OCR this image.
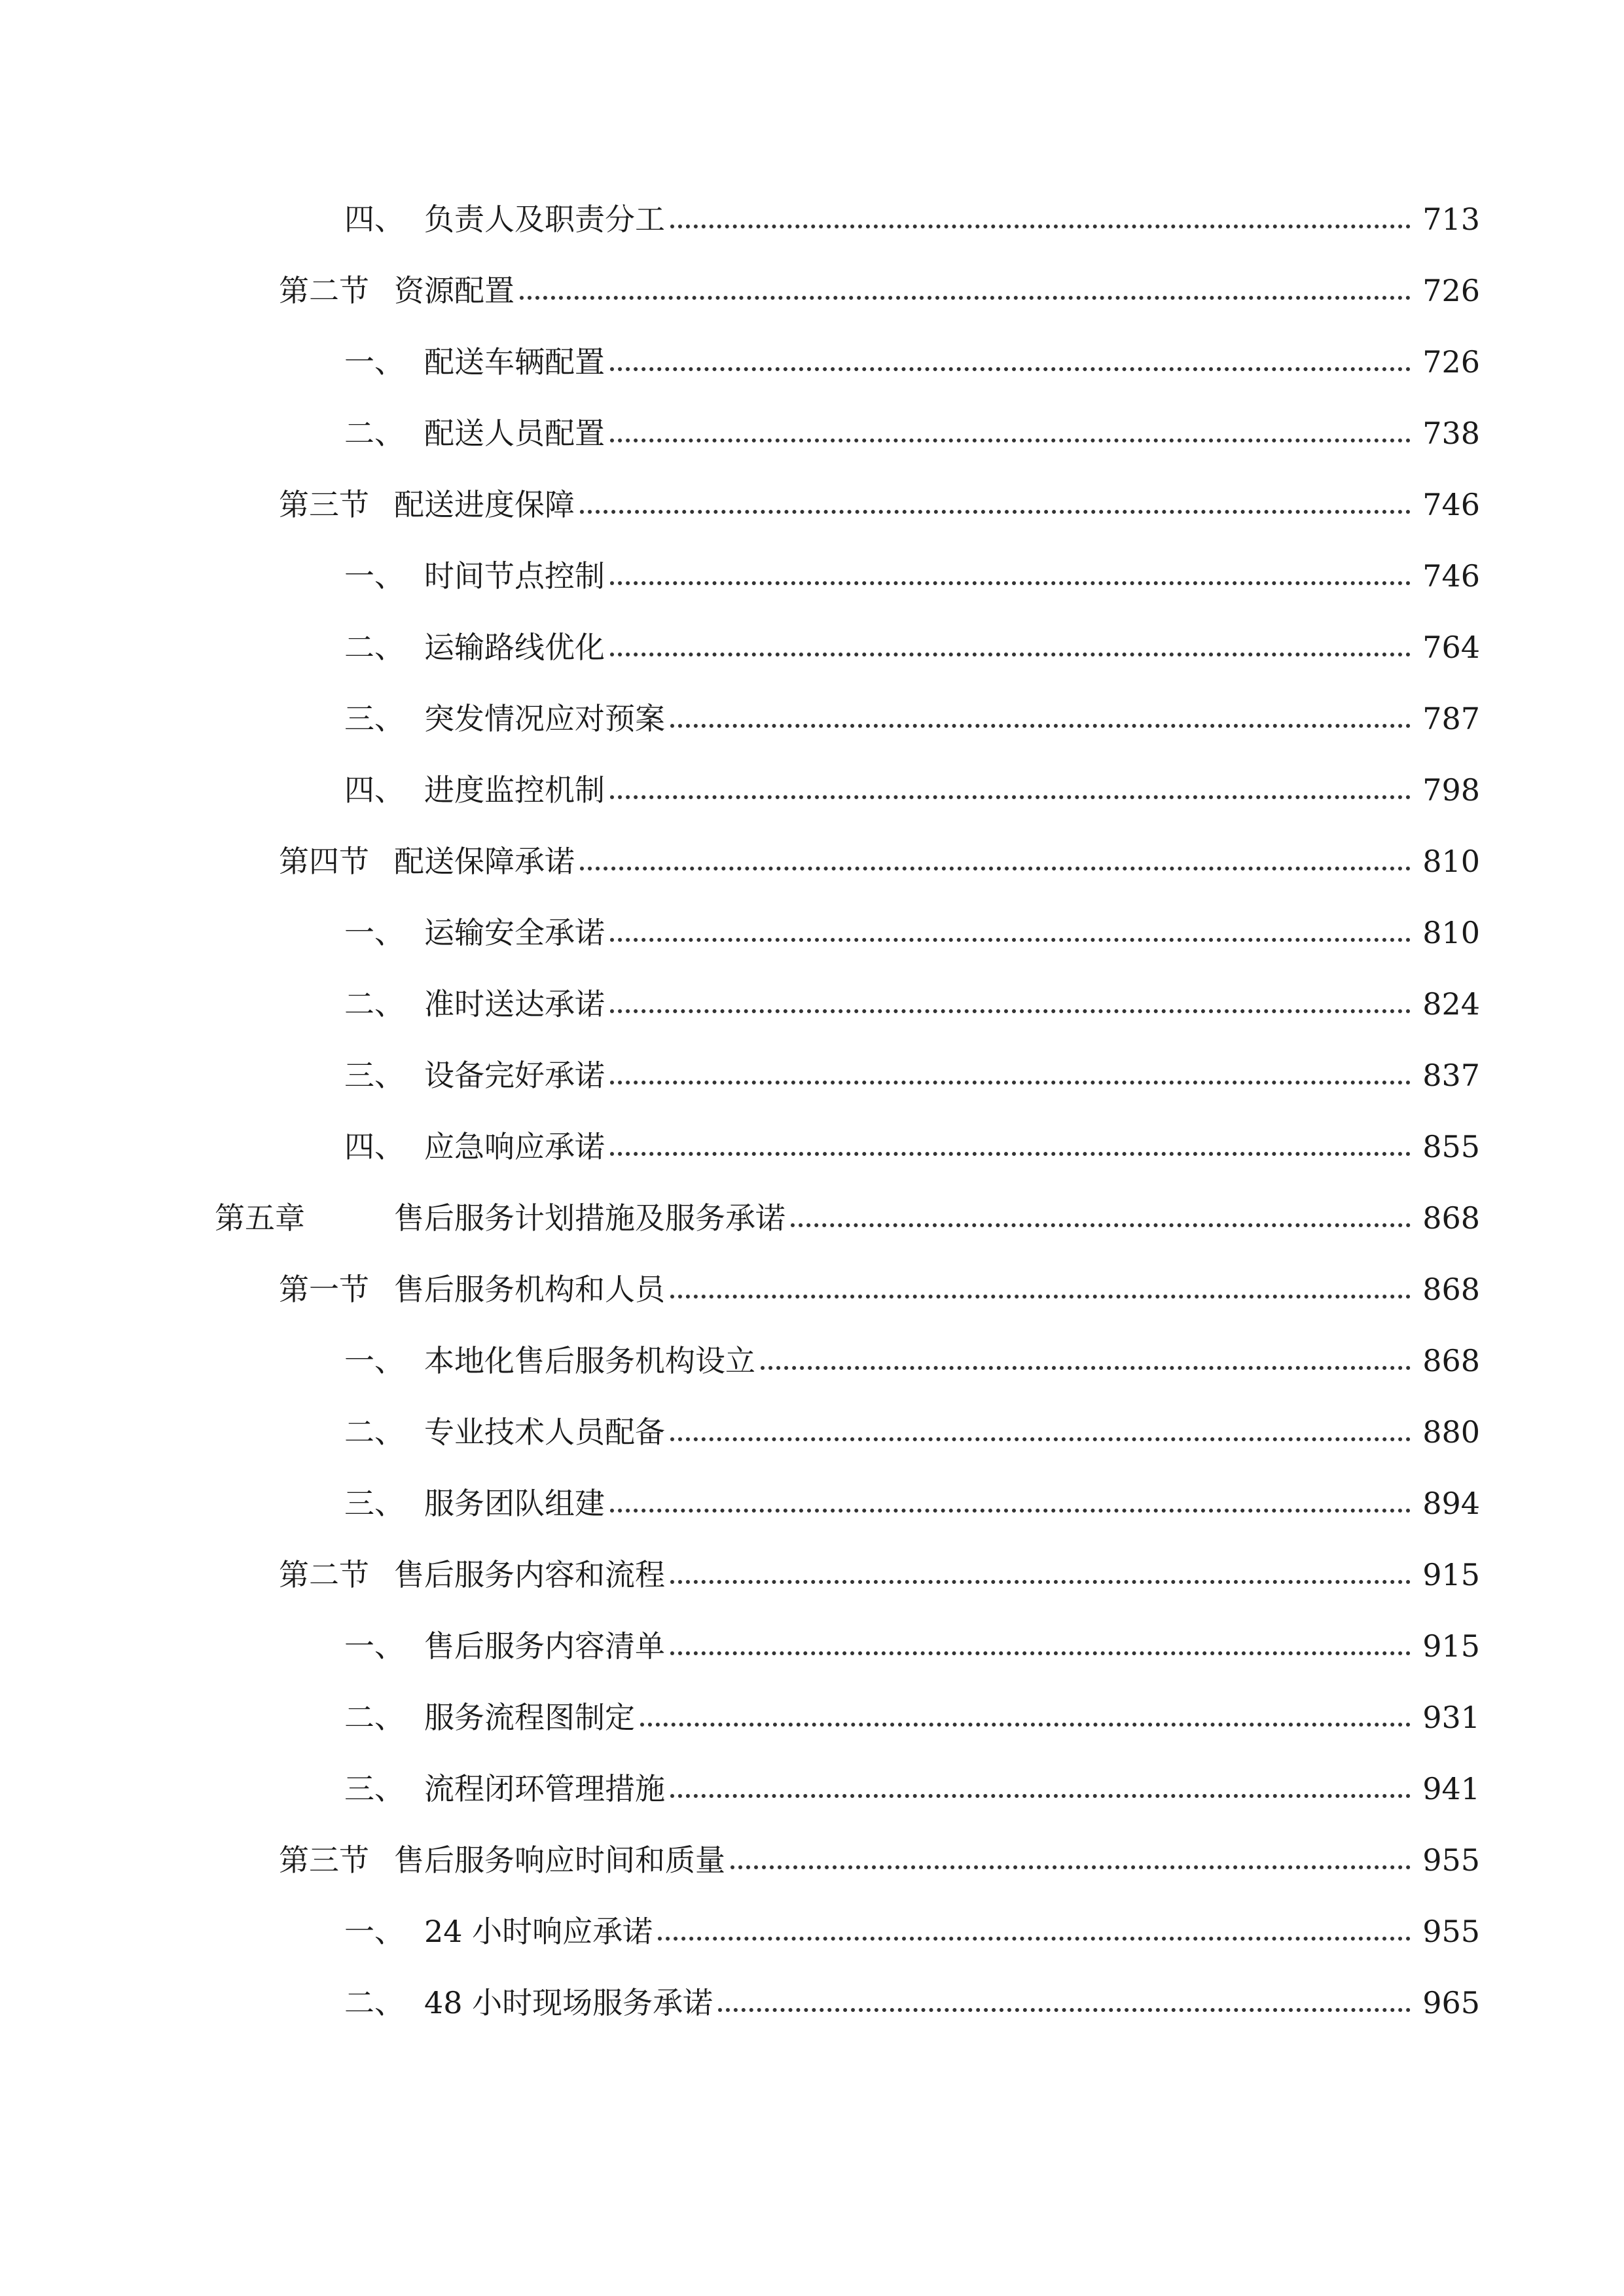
四、 负责人及职责分工	713
第二节 资源配置	726
一、 配送车辆配置	726
二、 配送人员配置	738
第三节 配送进度保障	746
一、 时间节点控制	746
二、 运输路线优化	764
三、 突发情况应对预案	787
四、 进度监控机制	798
第四节 配送保障承诺	810
一、 运输安全承诺	810
二、 准时送达承诺	824
三、 设备完好承诺	837
四、 应急响应承诺	855
第五章	售后服务计划措施及服务承诺	868
第一节 售后服务机构和人员	868
一、 本地化售后服务机构设立	868
二、 专业技术人员配备	880
三、 服务团队组建	894
第二节 售后服务内容和流程	915
一、 售后服务内容清单	915
二、 服务流程图制定	931
三、 流程闭环管理措施	941
第三节 售后服务响应时间和质量	955
一、 24 小时响应承诺	955
二、 48 小时现场服务承诺	965
